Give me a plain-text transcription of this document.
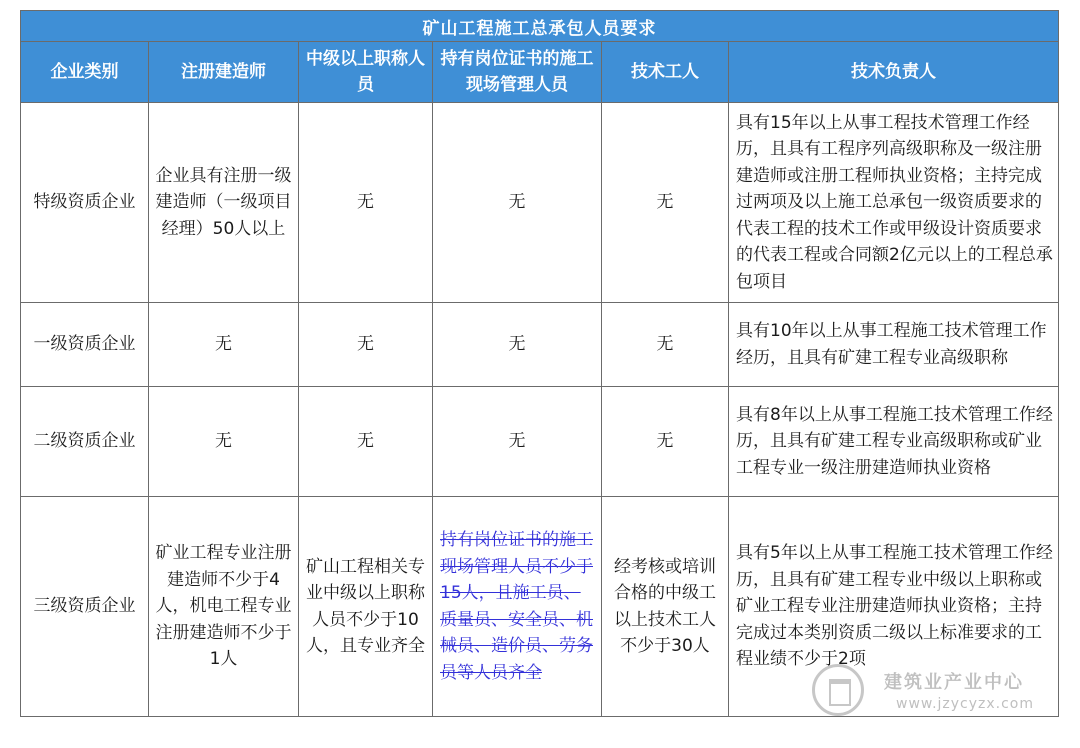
矿山工程施工总承包人员要求					
企业类别	注册建造师	中级以上职称人员	持有岗位证书的施工现场管理人员	技术工人	技术负责人
特级资质企业	企业具有注册一级建造师（一级项目经理）50人以上	无	无	无	具有15年以上从事工程技术管理工作经历，且具有工程序列高级职称及一级注册建造师或注册工程师执业资格；主持完成过两项及以上施工总承包一级资质要求的代表工程的技术工作或甲级设计资质要求的代表工程或合同额2亿元以上的工程总承包项目
一级资质企业	无	无	无	无	具有10年以上从事工程施工技术管理工作经历，且具有矿建工程专业高级职称
二级资质企业	无	无	无	无	具有8年以上从事工程施工技术管理工作经历，且具有矿建工程专业高级职称或矿业工程专业一级注册建造师执业资格
三级资质企业	矿业工程专业注册建造师不少于4人，机电工程专业注册建造师不少于1人	矿山工程相关专业中级以上职称人员不少于10人，且专业齐全	持有岗位证书的施工现场管理人员不少于15人，且施工员、质量员、安全员、机械员、造价员、劳务员等人员齐全	经考核或培训合格的中级工以上技术工人不少于30人	具有5年以上从事工程施工技术管理工作经历，且具有矿建工程专业中级以上职称或矿业工程专业注册建造师执业资格；主持完成过本类别资质二级以上标准要求的工程业绩不少于2项
建筑业产业中心
www.jzycyzx.com
